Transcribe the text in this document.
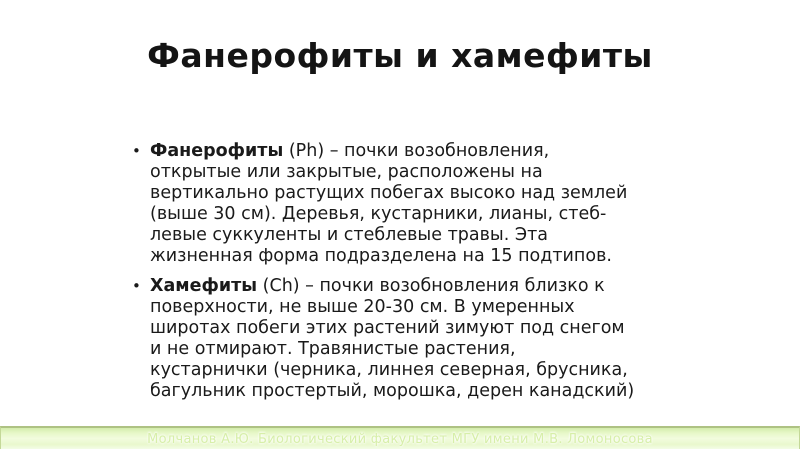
Фанерофиты и хамефиты
• Фанерофиты (Ph) – почки возобновления,
открытые или закрытые, расположены на
вертикально растущих побегах высоко над землей
(выше 30 см). Деревья, кустарники, лианы, стеб-
левые суккуленты и стеблевые травы. Эта
жизненная форма подразделена на 15 подтипов.
• Хамефиты (Ch) – почки возобновления близко к
поверхности, не выше 20-30 см. В умеренных
широтах побеги этих растений зимуют под снегом
и не отмирают. Травянистые растения,
кустарнички (черника, линнея северная, брусника,
багульник простертый, морошка, дерен канадский)
Молчанов А.Ю. Биологический факультет МГУ имени М.В. Ломоносова
